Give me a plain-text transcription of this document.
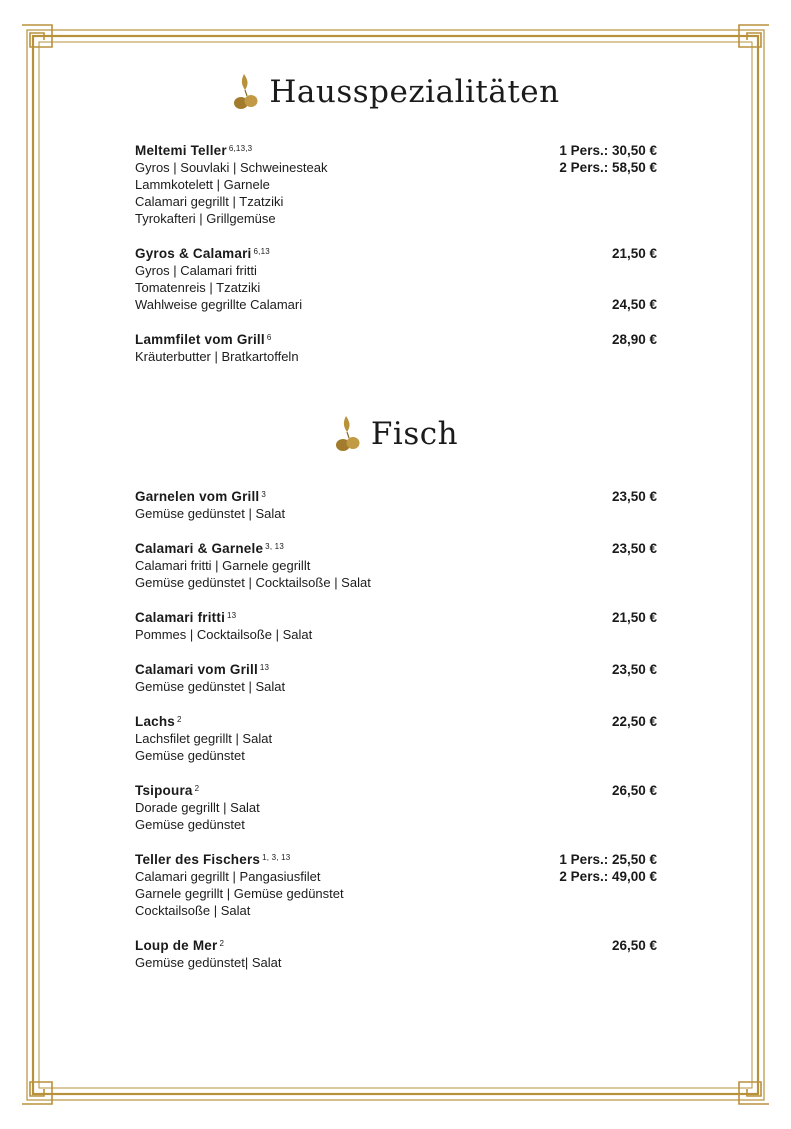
Hausspezialitäten
Meltemi Teller $^{6,13,3}$	1 Pers.: 30,50 €
2 Pers.: 58,50 €
Gyros | Souvlaki | Schweinesteak
Lammkotelett | Garnele
Calamari gegrillt | Tzatziki
Tyrokafteri | Grillgemüse
Gyros & Calamari $^{6,13}$	21,50 €
Gyros | Calamari fritti
Tomatenreis | Tzatziki
Wahlweise gegrillte Calamari	24,50 €
Lammfilet vom Grill $^6$	28,90 €
Kräuterbutter | Bratkartoffeln
Fisch
Garnelen vom Grill $^3$	23,50 €
Gemüse gedünstet | Salat
Calamari & Garnele $^{3, 13}$	23,50 €
Calamari fritti | Garnele gegrillt
Gemüse gedünstet | Cocktailsoße | Salat
Calamari fritti $^{13}$	21,50 €
Pommes | Cocktailsoße | Salat
Calamari vom Grill $^{13}$	23,50 €
Gemüse gedünstet | Salat
Lachs $^2$	22,50 €
Lachsfilet gegrillt | Salat
Gemüse gedünstet
Tsipoura $^2$	26,50 €
Dorade gegrillt | Salat
Gemüse gedünstet
Teller des Fischers $^{1, 3, 13}$	1 Pers.: 25,50 €
2 Pers.: 49,00 €
Calamari gegrillt | Pangasiusfilet
Garnele gegrillt | Gemüse gedünstet
Cocktailsoße | Salat
Loup de Mer $^2$	26,50 €
Gemüse gedünstet| Salat
